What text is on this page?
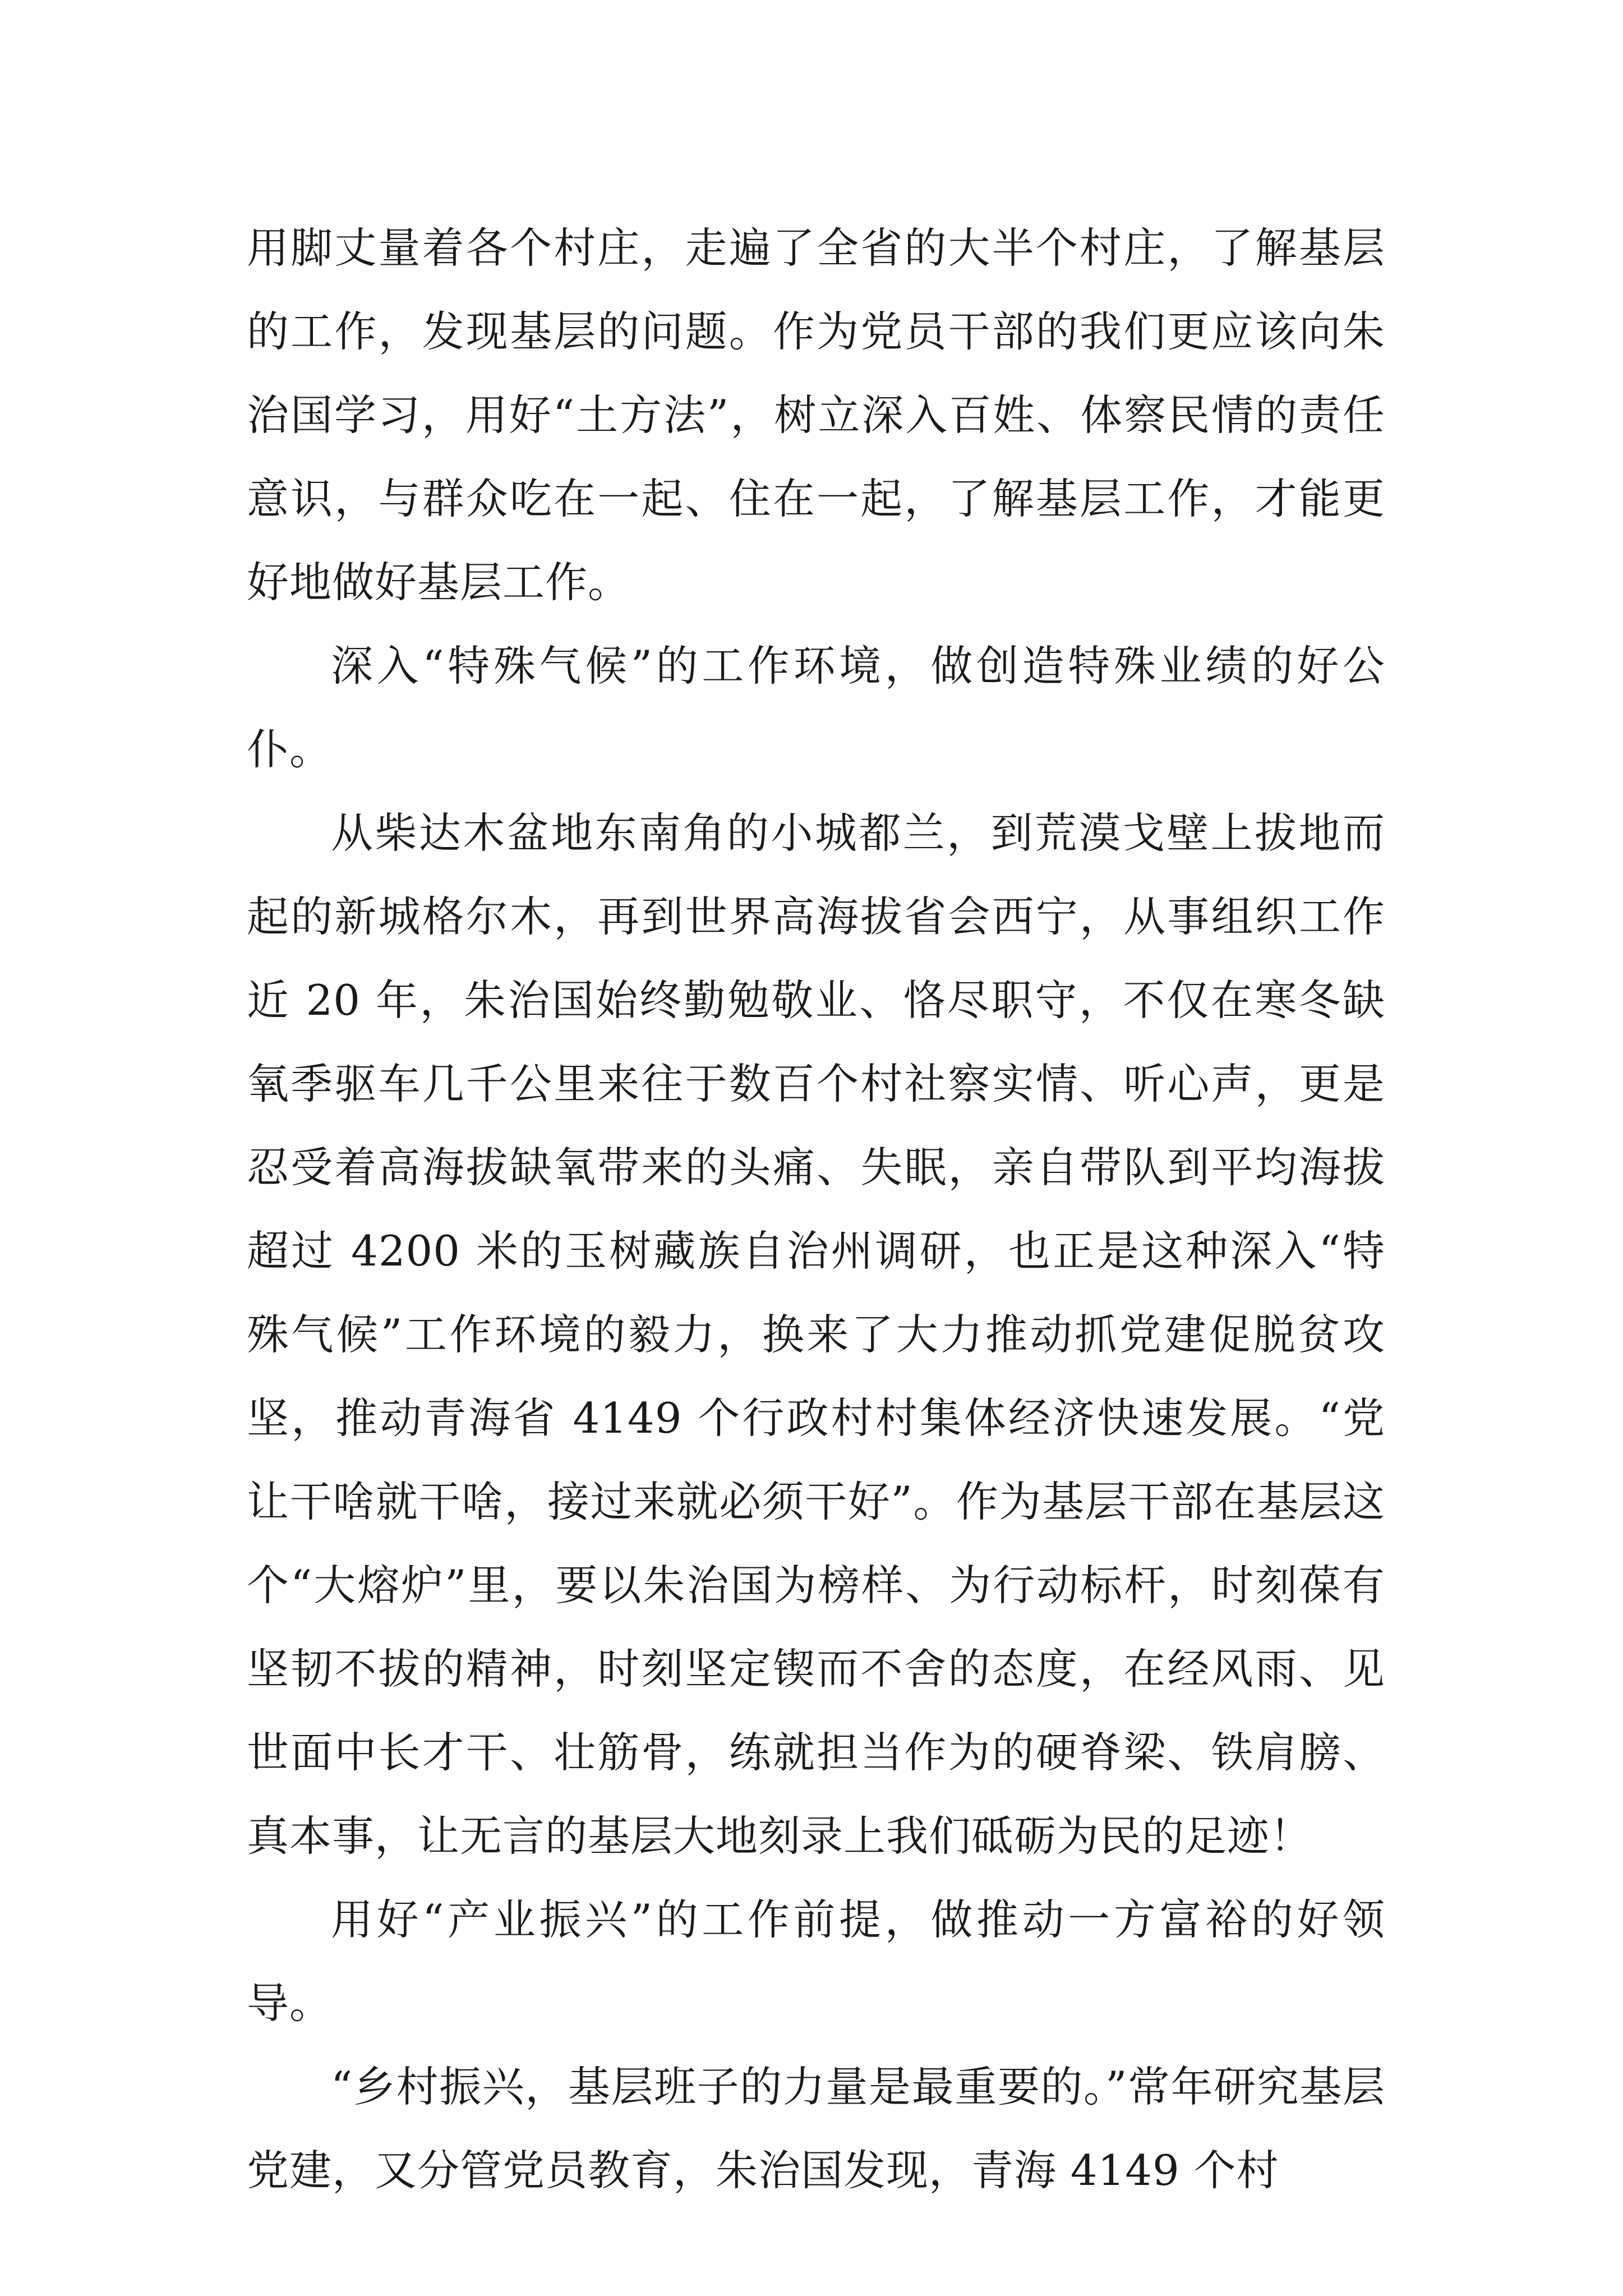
用脚丈量着各个村庄，走遍了全省的大半个村庄，了解基层的工作，发现基层的问题。作为党员干部的我们更应该向朱治国学习，用好“土方法”，树立深入百姓、体察民情的责任意识，与群众吃在一起、住在一起，了解基层工作，才能更好地做好基层工作。

深入“特殊气候”的工作环境，做创造特殊业绩的好公仆。

从柴达木盆地东南角的小城都兰，到荒漠戈壁上拔地而起的新城格尔木，再到世界高海拔省会西宁，从事组织工作近 20 年，朱治国始终勤勉敬业、恪尽职守，不仅在寒冬缺氧季驱车几千公里来往于数百个村社察实情、听心声，更是忍受着高海拔缺氧带来的头痛、失眠，亲自带队到平均海拔超过 4200 米的玉树藏族自治州调研，也正是这种深入“特殊气候”工作环境的毅力，换来了大力推动抓党建促脱贫攻坚，推动青海省 4149 个行政村村集体经济快速发展。“党让干啥就干啥，接过来就必须干好”。作为基层干部在基层这个“大熔炉”里，要以朱治国为榜样、为行动标杆，时刻葆有坚韧不拔的精神，时刻坚定锲而不舍的态度，在经风雨、见世面中长才干、壮筋骨，练就担当作为的硬脊梁、铁肩膀、真本事，让无言的基层大地刻录上我们砥砺为民的足迹！

用好“产业振兴”的工作前提，做推动一方富裕的好领导。

“乡村振兴，基层班子的力量是最重要的。”常年研究基层党建，又分管党员教育，朱治国发现，青海 4149 个村
